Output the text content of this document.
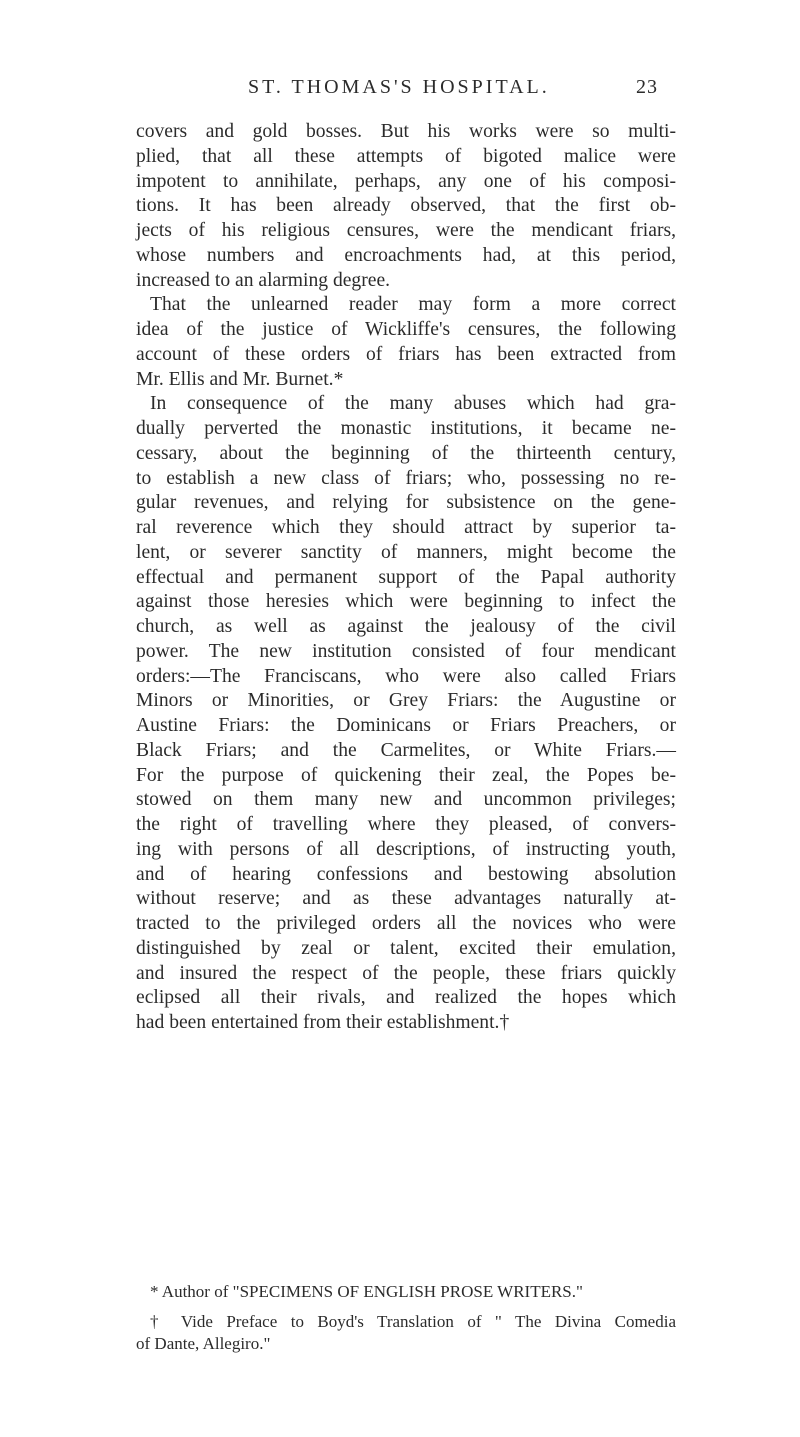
ST. THOMAS'S HOSPITAL.	23
covers and gold bosses. But his works were so multi-
plied, that all these attempts of bigoted malice were
impotent to annihilate, perhaps, any one of his composi-
tions. It has been already observed, that the first ob-
jects of his religious censures, were the mendicant friars,
whose numbers and encroachments had, at this period,
increased to an alarming degree.
That the unlearned reader may form a more correct
idea of the justice of Wickliffe's censures, the following
account of these orders of friars has been extracted from
Mr. Ellis and Mr. Burnet.*
In consequence of the many abuses which had gra-
dually perverted the monastic institutions, it became ne-
cessary, about the beginning of the thirteenth century,
to establish a new class of friars; who, possessing no re-
gular revenues, and relying for subsistence on the gene-
ral reverence which they should attract by superior ta-
lent, or severer sanctity of manners, might become the
effectual and permanent support of the Papal authority
against those heresies which were beginning to infect the
church, as well as against the jealousy of the civil
power. The new institution consisted of four mendicant
orders:—The Franciscans, who were also called Friars
Minors or Minorities, or Grey Friars: the Augustine or
Austine Friars: the Dominicans or Friars Preachers, or
Black Friars; and the Carmelites, or White Friars.—
For the purpose of quickening their zeal, the Popes be-
stowed on them many new and uncommon privileges;
the right of travelling where they pleased, of convers-
ing with persons of all descriptions, of instructing youth,
and of hearing confessions and bestowing absolution
without reserve; and as these advantages naturally at-
tracted to the privileged orders all the novices who were
distinguished by zeal or talent, excited their emulation,
and insured the respect of the people, these friars quickly
eclipsed all their rivals, and realized the hopes which
had been entertained from their establishment.†
* Author of "SPECIMENS OF ENGLISH PROSE WRITERS."
† Vide Preface to Boyd's Translation of " The Divina Comedia
of Dante, Allegiro."
